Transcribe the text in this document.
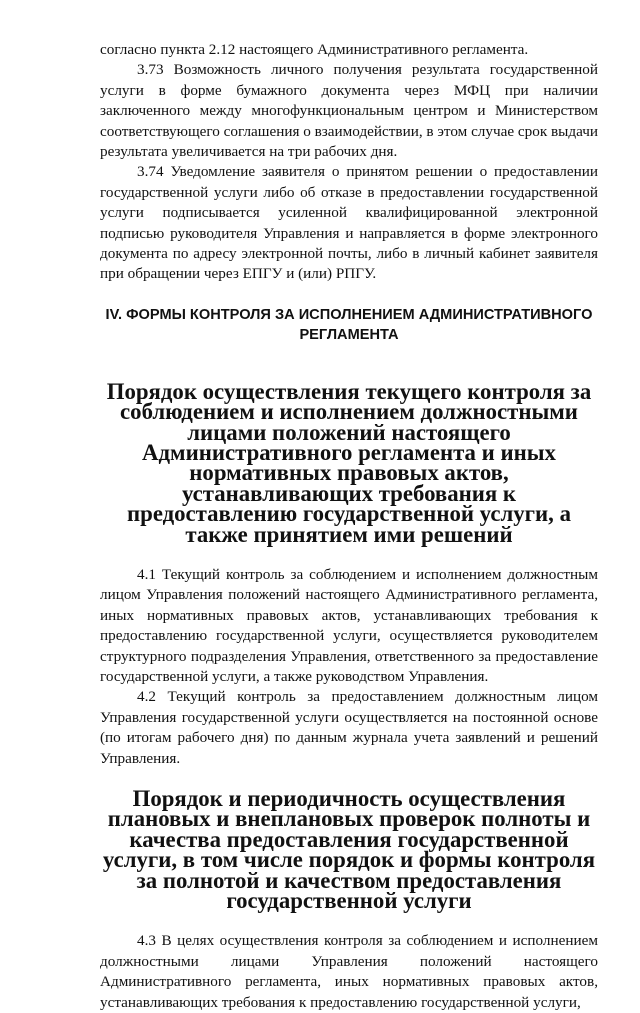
согласно пункта 2.12 настоящего Административного регламента.

3.73 Возможность личного получения результата государственной услуги в форме бумажного документа через МФЦ при наличии заключенного между многофункциональным центром и Министерством соответствующего соглашения о взаимодействии, в этом случае срок выдачи результата увеличивается на три рабочих дня.

3.74 Уведомление заявителя о принятом решении о предоставлении государственной услуги либо об отказе в предоставлении государственной услуги подписывается усиленной квалифицированной электронной подписью руководителя Управления и направляется в форме электронного документа по адресу электронной почты, либо в личный кабинет заявителя при обращении через ЕПГУ и (или) РПГУ.

IV. ФОРМЫ КОНТРОЛЯ ЗА ИСПОЛНЕНИЕМ АДМИНИСТРАТИВНОГО РЕГЛАМЕНТА
Порядок осуществления текущего контроля за соблюдением и исполнением должностными лицами положений настоящего Административного регламента и иных нормативных правовых актов, устанавливающих требования к предоставлению государственной услуги, а также принятием ими решений

4.1 Текущий контроль за соблюдением и исполнением должностным лицом Управления положений настоящего Административного регламента, иных нормативных правовых актов, устанавливающих требования к предоставлению государственной услуги, осуществляется руководителем структурного подразделения Управления, ответственного за предоставление государственной услуги, а также руководством Управления.

4.2 Текущий контроль за предоставлением должностным лицом Управления государственной услуги осуществляется на постоянной основе (по итогам рабочего дня) по данным журнала учета заявлений и решений Управления.

Порядок и периодичность осуществления плановых и внеплановых проверок полноты и качества предоставления государственной услуги, в том числе порядок и формы контроля за полнотой и качеством предоставления государственной услуги

4.3 В целях осуществления контроля за соблюдением и исполнением должностными лицами Управления положений настоящего Административного регламента, иных нормативных правовых актов, устанавливающих требования к предоставлению государственной услуги,
